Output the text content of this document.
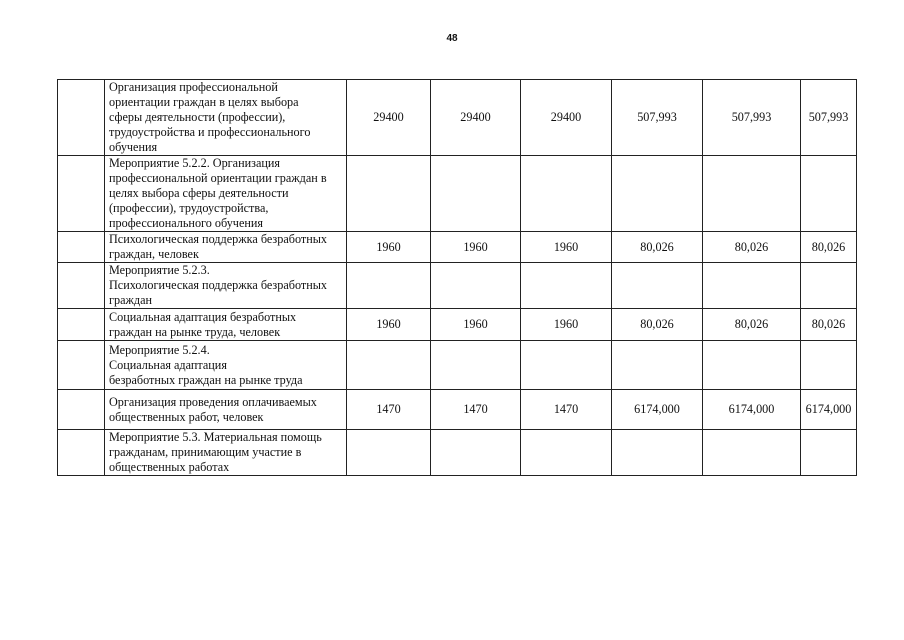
48

	Организация профессиональной
ориентации граждан в целях выбора
сферы деятельности (профессии),
трудоустройства и профессионального
обучения	29400	29400	29400	507,993	507,993	507,993

	Мероприятие 5.2.2. Организация
профессиональной ориентации граждан в
целях выбора сферы деятельности
(профессии), трудоустройства,
профессионального обучения						

	Психологическая поддержка безработных
граждан, человек	1960	1960	1960	80,026	80,026	80,026

	Мероприятие 5.2.3.
Психологическая поддержка безработных
граждан						

	Социальная адаптация безработных
граждан на рынке труда, человек	1960	1960	1960	80,026	80,026	80,026

	Мероприятие 5.2.4.
Социальная адаптация
безработных граждан на рынке труда						

	Организация проведения оплачиваемых
общественных работ, человек	1470	1470	1470	6174,000	6174,000	6174,000

	Мероприятие 5.3. Материальная помощь
гражданам, принимающим участие в
общественных работах						
